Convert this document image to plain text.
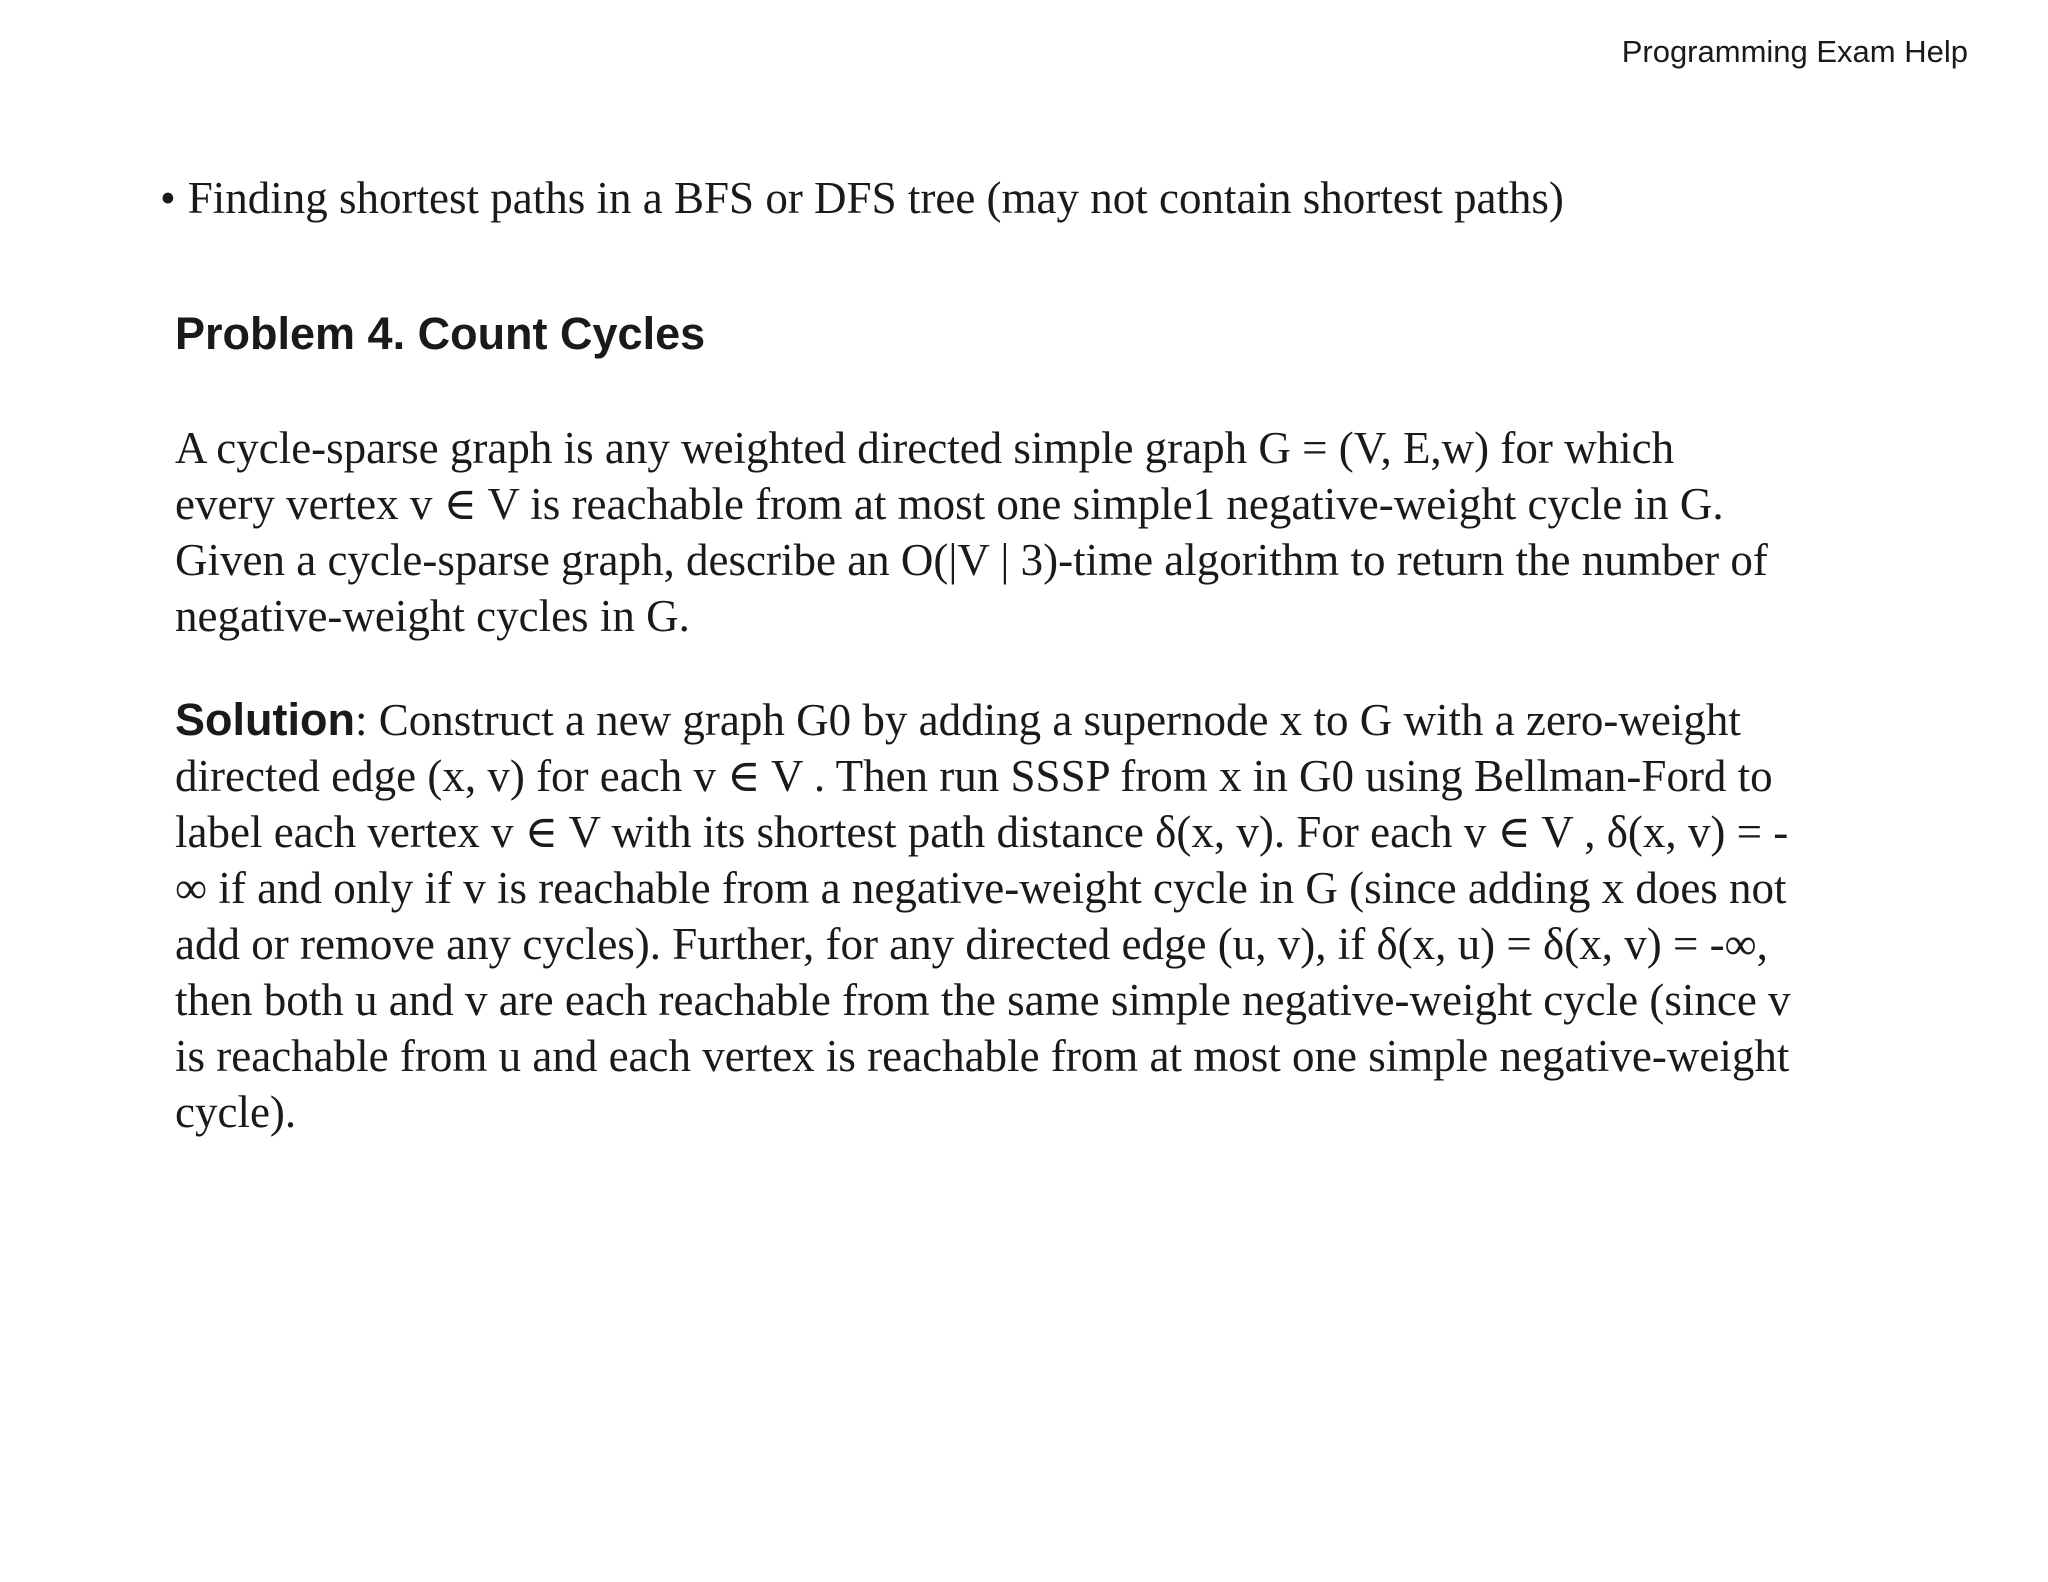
Programming Exam Help
• Finding shortest paths in a BFS or DFS tree (may not contain shortest paths)
Problem 4. Count Cycles
A cycle-sparse graph is any weighted directed simple graph G = (V, E,w) for which
every vertex v ∈ V is reachable from at most one simple1 negative-weight cycle in G.
Given a cycle-sparse graph, describe an O(|V | 3)-time algorithm to return the number of
negative-weight cycles in G.
Solution: Construct a new graph G0 by adding a supernode x to G with a zero-weight
directed edge (x, v) for each v ∈ V . Then run SSSP from x in G0 using Bellman-Ford to
label each vertex v ∈ V with its shortest path distance δ(x, v). For each v ∈ V , δ(x, v) = -
∞ if and only if v is reachable from a negative-weight cycle in G (since adding x does not
add or remove any cycles). Further, for any directed edge (u, v), if δ(x, u) = δ(x, v) = -∞,
then both u and v are each reachable from the same simple negative-weight cycle (since v
is reachable from u and each vertex is reachable from at most one simple negative-weight
cycle).
